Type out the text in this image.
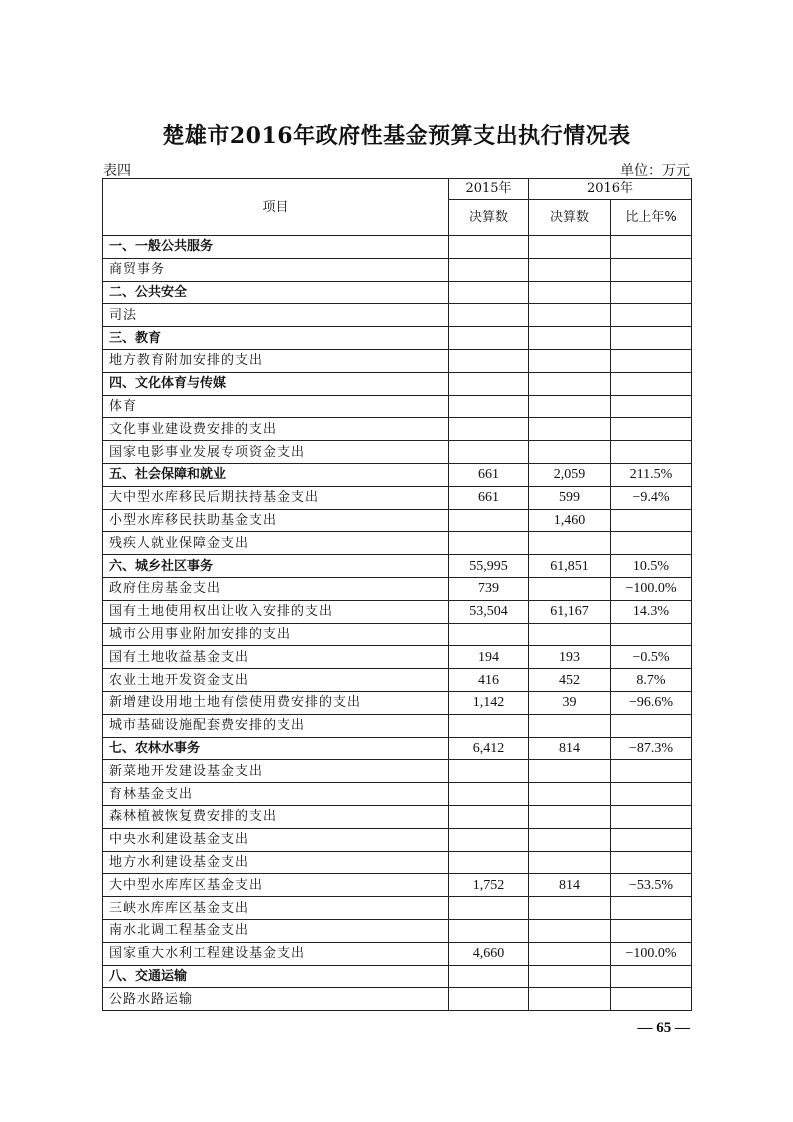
楚雄市2016年政府性基金预算支出执行情况表
表四	单位：万元
项目	2015年	2016年	
	决算数	决算数	比上年%
一、一般公共服务			
商贸事务			
二、公共安全			
司法			
三、教育			
地方教育附加安排的支出			
四、文化体育与传媒			
体育			
文化事业建设费安排的支出			
国家电影事业发展专项资金支出			
五、社会保障和就业	661	2,059	211.5%
大中型水库移民后期扶持基金支出	661	599	−9.4%
小型水库移民扶助基金支出		1,460	
残疾人就业保障金支出			
六、城乡社区事务	55,995	61,851	10.5%
政府住房基金支出	739		−100.0%
国有土地使用权出让收入安排的支出	53,504	61,167	14.3%
城市公用事业附加安排的支出			
国有土地收益基金支出	194	193	−0.5%
农业土地开发资金支出	416	452	8.7%
新增建设用地土地有偿使用费安排的支出	1,142	39	−96.6%
城市基础设施配套费安排的支出			
七、农林水事务	6,412	814	−87.3%
新菜地开发建设基金支出			
育林基金支出			
森林植被恢复费安排的支出			
中央水利建设基金支出			
地方水利建设基金支出			
大中型水库库区基金支出	1,752	814	−53.5%
三峡水库库区基金支出			
南水北调工程基金支出			
国家重大水利工程建设基金支出	4,660		−100.0%
八、交通运输			
公路水路运输			
— 65 —
